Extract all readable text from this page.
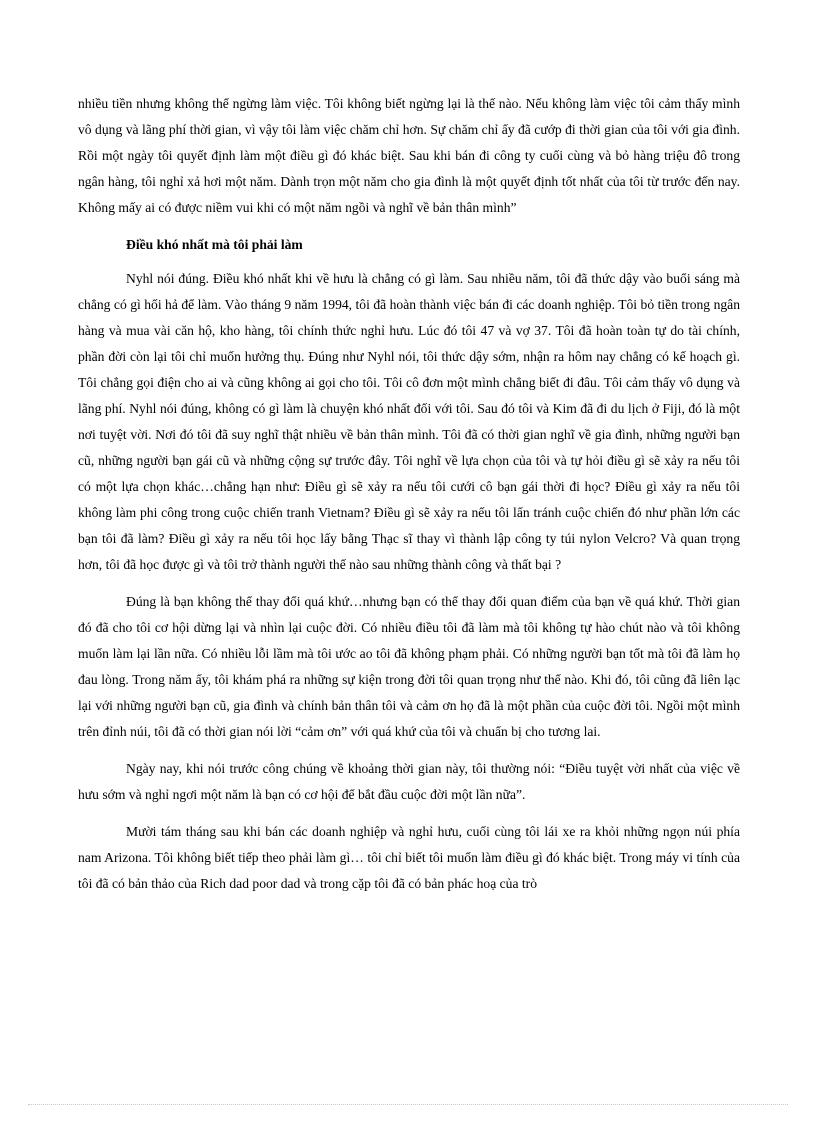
nhiều tiền nhưng không thể ngừng làm việc. Tôi không biết ngừng lại là thế nào. Nếu không làm việc tôi cảm thấy mình vô dụng và lãng phí thời gian, vì vậy tôi làm việc chăm chỉ hơn. Sự chăm chỉ ấy đã cướp đi thời gian của tôi với gia đình. Rồi một ngày tôi quyết định làm một điều gì đó khác biệt. Sau khi bán đi công ty cuối cùng và bỏ hàng triệu đô trong ngân hàng, tôi nghỉ xả hơi một năm. Dành trọn một năm cho gia đình là một quyết định tốt nhất của tôi từ trước đến nay. Không mấy ai có được niềm vui khi có một năm ngồi và nghĩ về bản thân mình”

Điều khó nhất mà tôi phải làm

Nyhl nói đúng. Điều khó nhất khi về hưu là chẳng có gì làm. Sau nhiều năm, tôi đã thức dậy vào buổi sáng mà chẳng có gì hối hả để làm. Vào tháng 9 năm 1994, tôi đã hoàn thành việc bán đi các doanh nghiệp. Tôi bỏ tiền trong ngân hàng và mua vài căn hộ, kho hàng, tôi chính thức nghỉ hưu. Lúc đó tôi 47 và vợ 37. Tôi đã hoàn toàn tự do tài chính, phần đời còn lại tôi chỉ muốn hưởng thụ. Đúng như Nyhl nói, tôi thức dậy sớm, nhận ra hôm nay chẳng có kế hoạch gì. Tôi chẳng gọi điện cho ai và cũng không ai gọi cho tôi. Tôi cô đơn một mình chẳng biết đi đâu. Tôi cảm thấy vô dụng và lãng phí. Nyhl nói đúng, không có gì làm là chuyện khó nhất đối với tôi. Sau đó tôi và Kim đã đi du lịch ở Fiji, đó là một nơi tuyệt vời. Nơi đó tôi đã suy nghĩ thật nhiều về bản thân mình. Tôi đã có thời gian nghĩ về gia đình, những người bạn cũ, những người bạn gái cũ và những cộng sự trước đây. Tôi nghĩ về lựa chọn của tôi và tự hỏi điều gì sẽ xảy ra nếu tôi có một lựa chọn khác…chẳng hạn như: Điều gì sẽ xảy ra nếu tôi cưới cô bạn gái thời đi học? Điều gì xảy ra nếu tôi không làm phi công trong cuộc chiến tranh Vietnam? Điều gì sẽ xảy ra nếu tôi lẩn tránh cuộc chiến đó như phần lớn các bạn tôi đã làm? Điều gì xảy ra nếu tôi học lấy bằng Thạc sĩ thay vì thành lập công ty túi nylon Velcro? Và quan trọng hơn, tôi đã học được gì và tôi trở thành người thế nào sau những thành công và thất bại ?

Đúng là bạn không thể thay đổi quá khứ…nhưng bạn có thể thay đổi quan điểm của bạn về quá khứ. Thời gian đó đã cho tôi cơ hội dừng lại và nhìn lại cuộc đời. Có nhiều điều tôi đã làm mà tôi không tự hào chút nào và tôi không muốn làm lại lần nữa. Có nhiều lỗi lầm mà tôi ước ao tôi đã không phạm phải. Có những người bạn tốt mà tôi đã làm họ đau lòng. Trong năm ấy, tôi khám phá ra những sự kiện trong đời tôi quan trọng như thế nào. Khi đó, tôi cũng đã liên lạc lại với những người bạn cũ, gia đình và chính bản thân tôi và cảm ơn họ đã là một phần của cuộc đời tôi. Ngồi một mình trên đỉnh núi, tôi đã có thời gian nói lời “cảm ơn” với quá khứ của tôi và chuẩn bị cho tương lai.

Ngày nay, khi nói trước công chúng về khoảng thời gian này, tôi thường nói: “Điều tuyệt vời nhất của việc về hưu sớm và nghỉ ngơi một năm là bạn có cơ hội để bắt đầu cuộc đời một lần nữa”.

Mười tám tháng sau khi bán các doanh nghiệp và nghỉ hưu, cuối cùng tôi lái xe ra khỏi những ngọn núi phía nam Arizona. Tôi không biết tiếp theo phải làm gì… tôi chỉ biết tôi muốn làm điều gì đó khác biệt. Trong máy vi tính của tôi đã có bản thảo của Rich dad poor dad và trong cặp tôi đã có bản phác hoạ của trò
